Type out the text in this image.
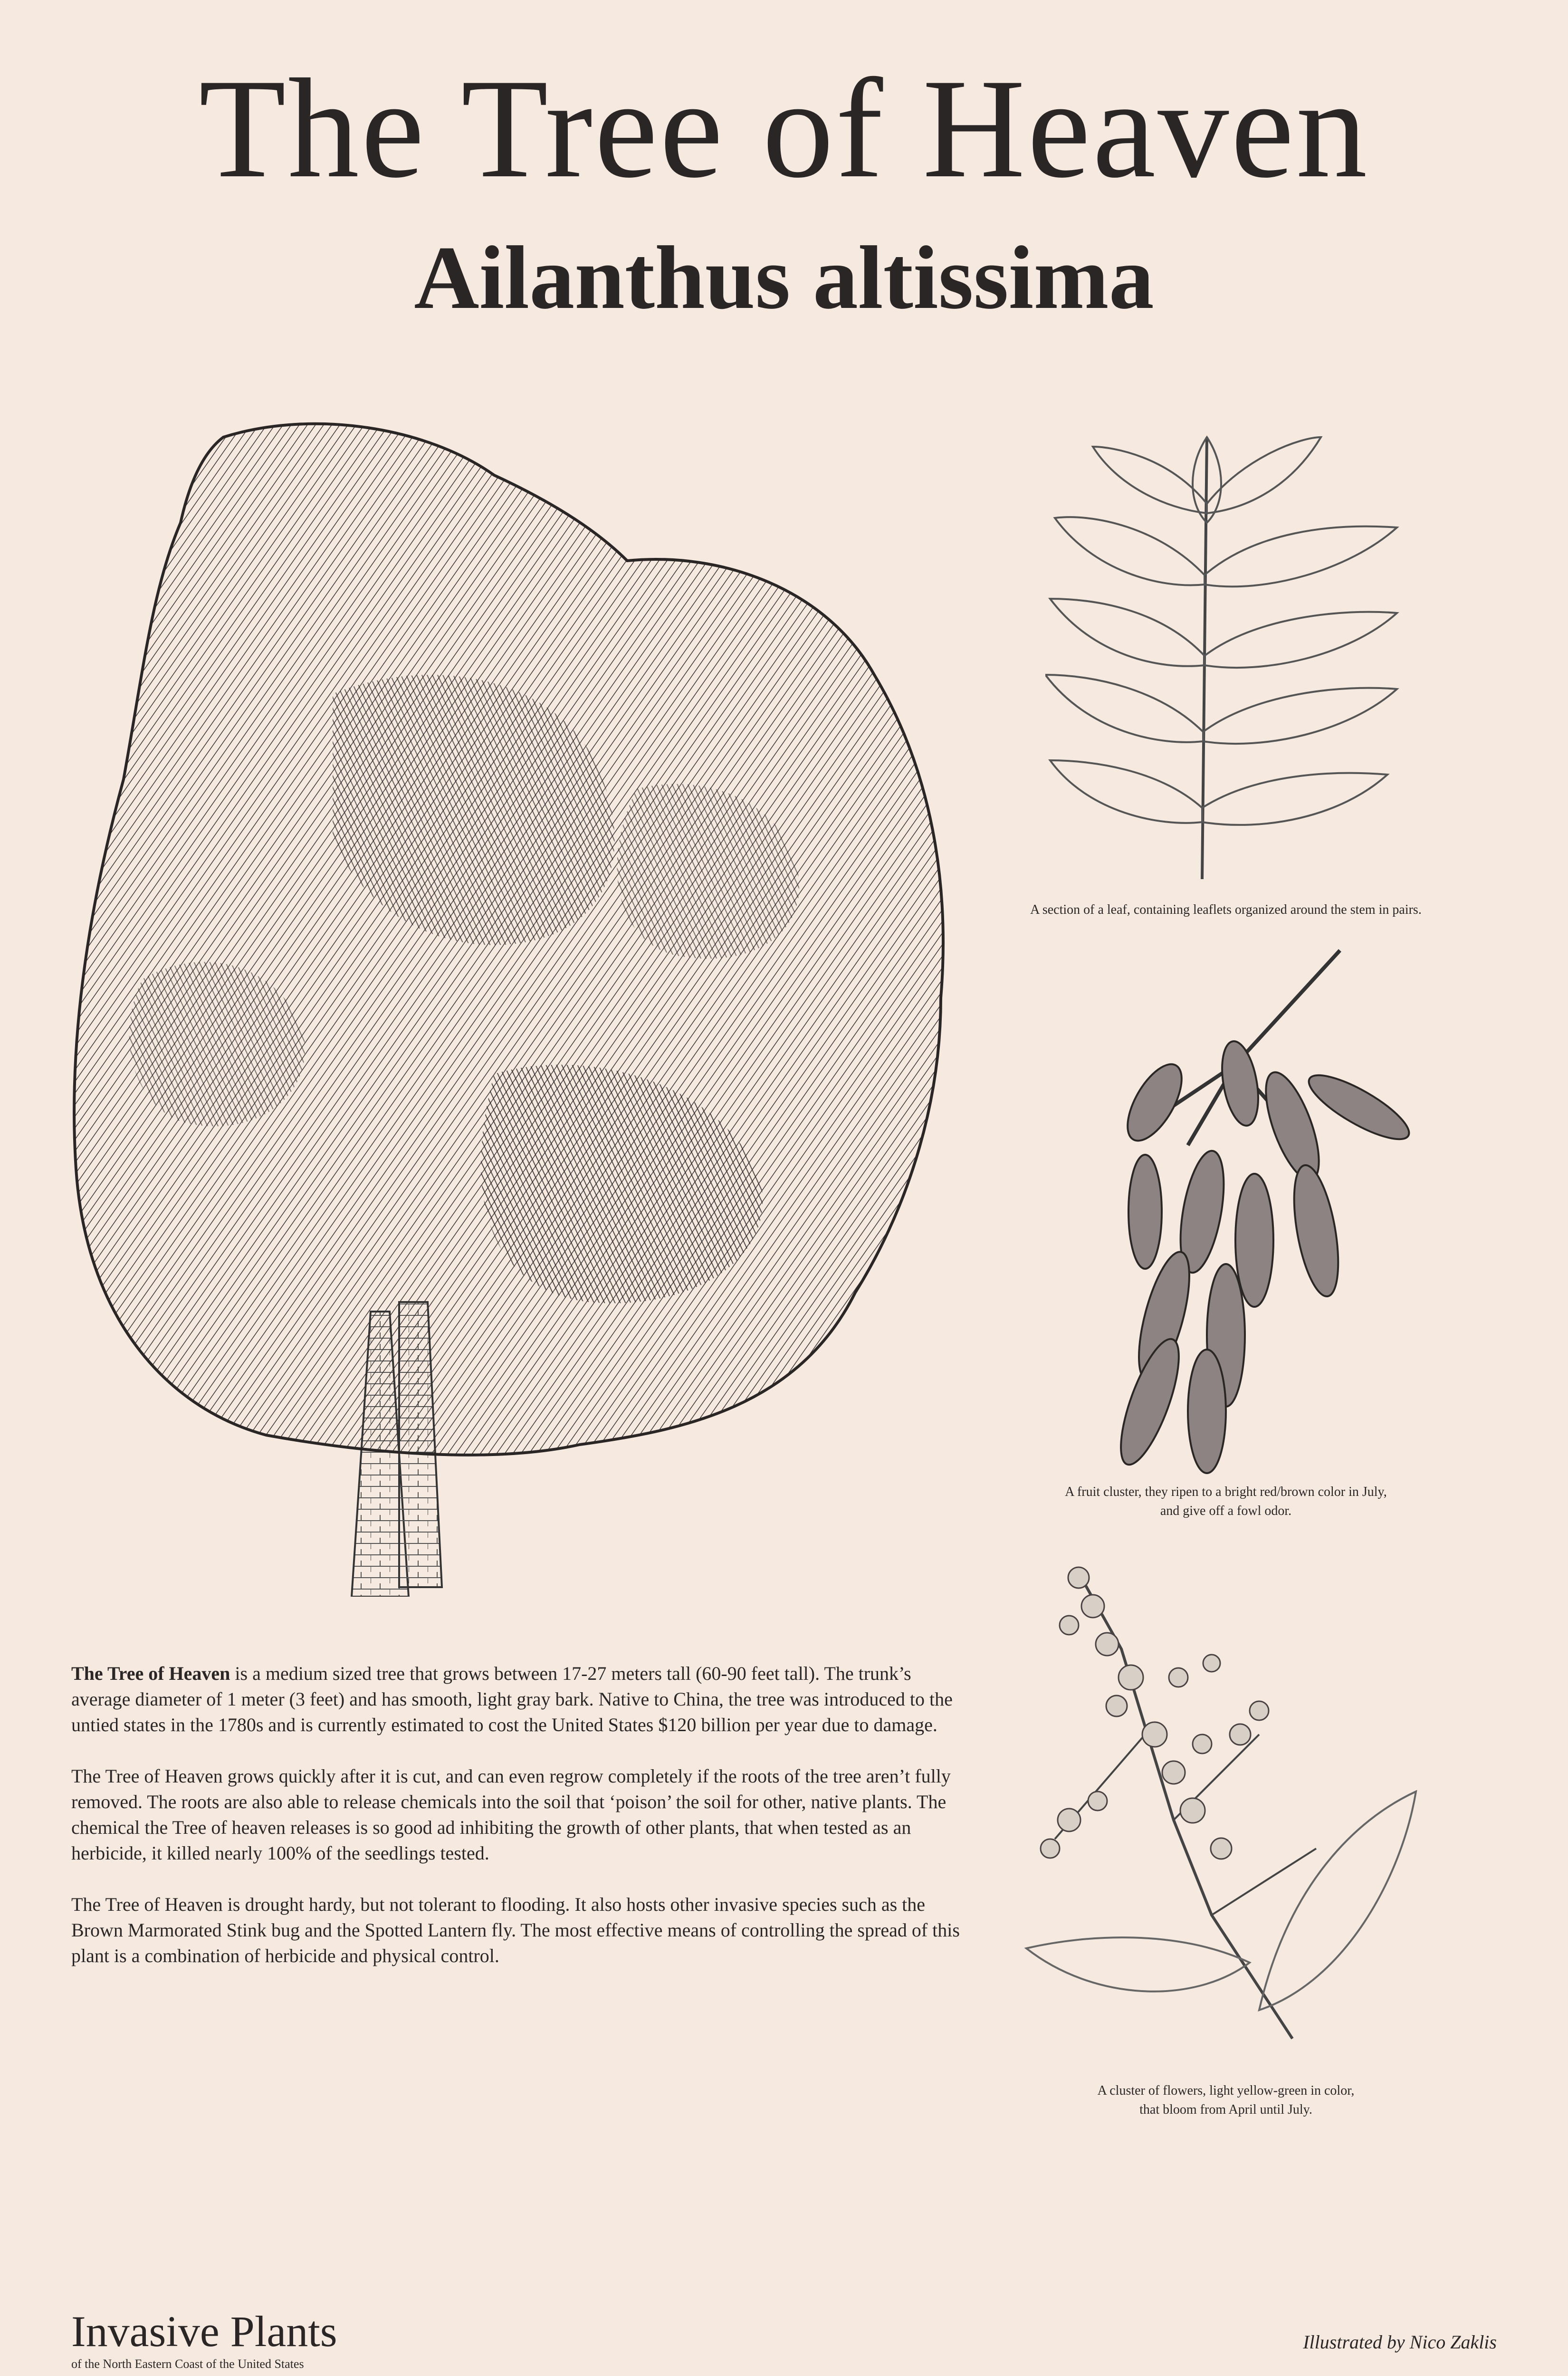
The Tree of Heaven
Ailanthus altissima
A section of a leaf, containing leaflets organized around the stem in pairs.
A fruit cluster, they ripen to a bright red/brown color in July,
and give off a fowl odor.
A cluster of flowers, light yellow-green in color,
that bloom from April until July.

The Tree of Heaven is a medium sized tree that grows between 17-27 meters tall (60-90 feet tall). The trunk’s average diameter of 1 meter (3 feet) and has smooth, light gray bark. Native to China, the tree was introduced to the untied states in the 1780s and is currently estimated to cost the United States $120 billion per year due to damage.

The Tree of Heaven grows quickly after it is cut, and can even regrow completely if the roots of the tree aren’t fully removed. The roots are also able to release chemicals into the soil that ‘poison’ the soil for other, native plants. The chemical the Tree of heaven releases is so good ad inhibiting the growth of other plants, that when tested as an herbicide, it killed nearly 100% of the seedlings tested.

The Tree of Heaven is drought hardy, but not tolerant to flooding. It also hosts other invasive species such as the Brown Marmorated Stink bug and the Spotted Lantern fly. The most effective means of controlling the spread of this plant is a combination of herbicide and physical control.

Invasive Plants
of the North Eastern Coast of the United States
Illustrated by Nico Zaklis
